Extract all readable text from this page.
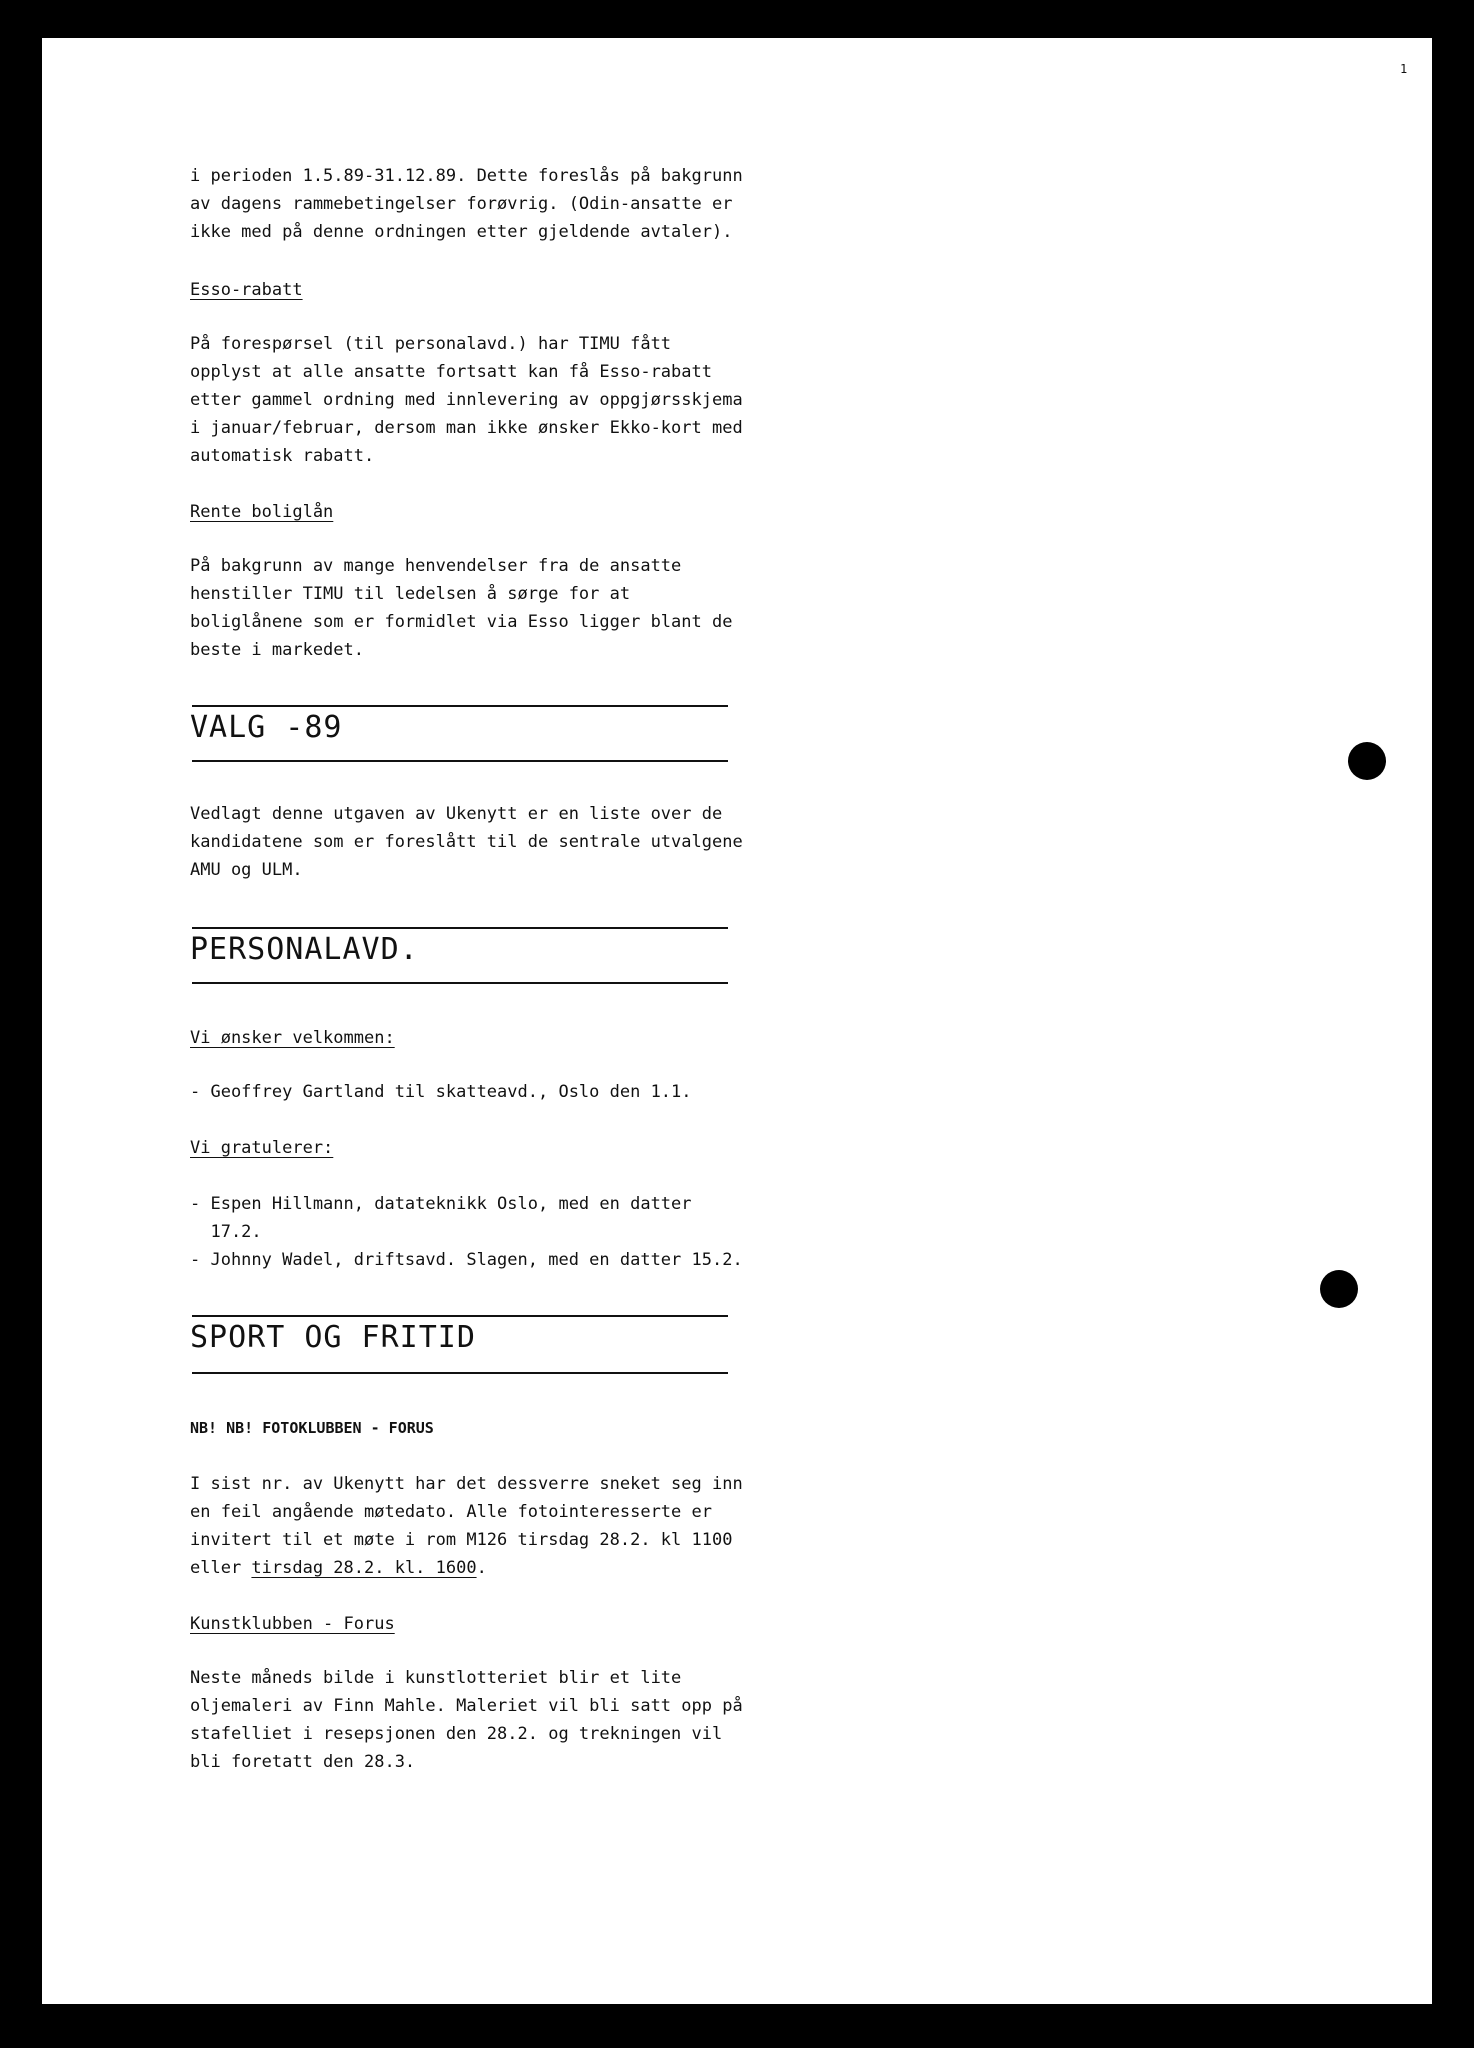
1
i perioden 1.5.89-31.12.89. Dette foreslås på bakgrunn
av dagens rammebetingelser forøvrig. (Odin-ansatte er
ikke med på denne ordningen etter gjeldende avtaler).
Esso-rabatt
På forespørsel (til personalavd.) har TIMU fått
opplyst at alle ansatte fortsatt kan få Esso-rabatt
etter gammel ordning med innlevering av oppgjørsskjema
i januar/februar, dersom man ikke ønsker Ekko-kort med
automatisk rabatt.
Rente boliglån
På bakgrunn av mange henvendelser fra de ansatte
henstiller TIMU til ledelsen å sørge for at
boliglånene som er formidlet via Esso ligger blant de
beste i markedet.
VALG -89
Vedlagt denne utgaven av Ukenytt er en liste over de
kandidatene som er foreslått til de sentrale utvalgene
AMU og ULM.
PERSONALAVD.
Vi ønsker velkommen:
- Geoffrey Gartland til skatteavd., Oslo den 1.1.
Vi gratulerer:
- Espen Hillmann, datateknikk Oslo, med en datter
17.2.
- Johnny Wadel, driftsavd. Slagen, med en datter 15.2.
SPORT OG FRITID
NB! NB! FOTOKLUBBEN - FORUS
I sist nr. av Ukenytt har det dessverre sneket seg inn
en feil angående møtedato. Alle fotointeresserte er
invitert til et møte i rom M126 tirsdag 28.2. kl 1100
eller tirsdag 28.2. kl. 1600.
Kunstklubben - Forus
Neste måneds bilde i kunstlotteriet blir et lite
oljemaleri av Finn Mahle. Maleriet vil bli satt opp på
stafelliet i resepsjonen den 28.2. og trekningen vil
bli foretatt den 28.3.
